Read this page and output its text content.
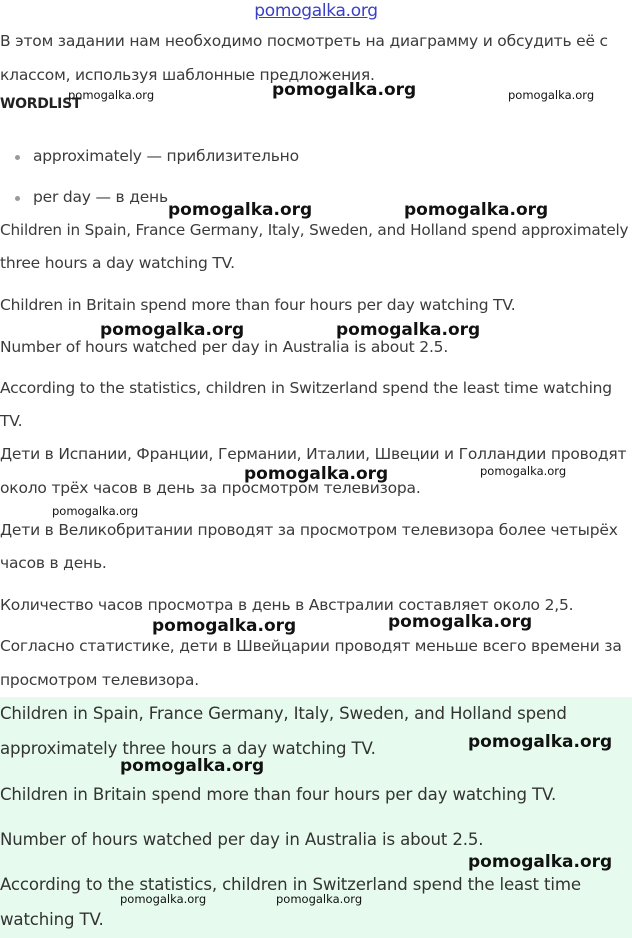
pomogalka.org

В этом задании нам необходимо посмотреть на диаграмму и обсудить её с

классом, используя шаблонные предложения.

WORDLIST

approximately — приблизительно

per day — в день

Children in Spain, France Germany, Italy, Sweden, and Holland spend approximately

three hours a day watching TV.

Children in Britain spend more than four hours per day watching TV.

Number of hours watched per day in Australia is about 2.5.

According to the statistics, children in Switzerland spend the least time watching

TV.

Дети в Испании, Франции, Германии, Италии, Швеции и Голландии проводят

около трёх часов в день за просмотром телевизора.

Дети в Великобритании проводят за просмотром телевизора более четырёх

часов в день.

Количество часов просмотра в день в Австралии составляет около 2,5.

Согласно статистике, дети в Швейцарии проводят меньше всего времени за

просмотром телевизора.

Children in Spain, France Germany, Italy, Sweden, and Holland spend

approximately three hours a day watching TV.

Children in Britain spend more than four hours per day watching TV.

Number of hours watched per day in Australia is about 2.5.

According to the statistics, children in Switzerland spend the least time

watching TV.

pomogalka.org	pomogalka.org	pomogalka.org
pomogalka.org	pomogalka.org
pomogalka.org	pomogalka.org
pomogalka.org	pomogalka.org
pomogalka.org
pomogalka.org	pomogalka.org
pomogalka.org
pomogalka.org
pomogalka.org
pomogalka.org	pomogalka.org
